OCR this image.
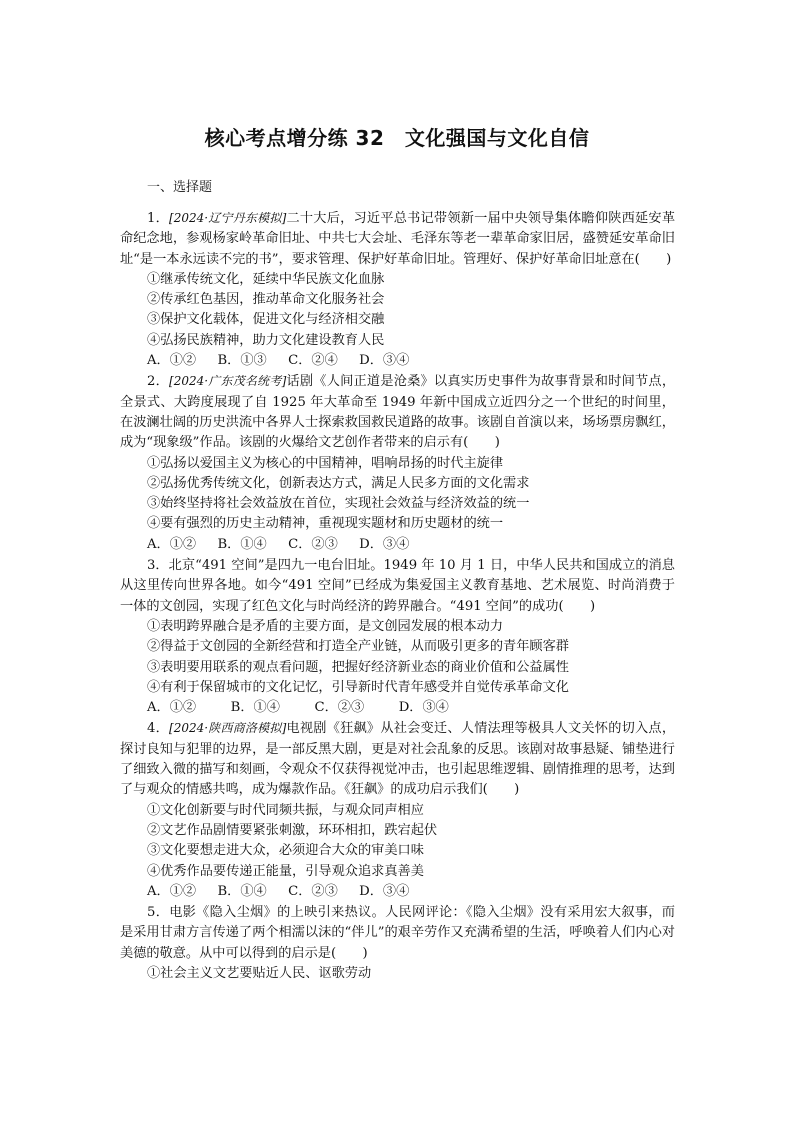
核心考点增分练 32　文化强国与文化自信
一、选择题
1．[2024·辽宁丹东模拟]二十大后，习近平总书记带领新一届中央领导集体瞻仰陕西延安革命纪念地，参观杨家岭革命旧址、中共七大会址、毛泽东等老一辈革命家旧居，盛赞延安革命旧址“是一本永远读不完的书”，要求管理、保护好革命旧址。管理好、保护好革命旧址意在(　　)
①继承传统文化，延续中华民族文化血脉
②传承红色基因，推动革命文化服务社会
③保护文化载体，促进文化与经济相交融
④弘扬民族精神，助力文化建设教育人民
A．①②　 B．①③　 C．②④　 D．③④
2．[2024·广东茂名统考]话剧《人间正道是沧桑》以真实历史事件为故事背景和时间节点，全景式、大跨度展现了自 1925 年大革命至 1949 年新中国成立近四分之一个世纪的时间里，在波澜壮阔的历史洪流中各界人士探索救国救民道路的故事。该剧自首演以来，场场票房飘红，成为“现象级”作品。该剧的火爆给文艺创作者带来的启示有(　　)
①弘扬以爱国主义为核心的中国精神，唱响昂扬的时代主旋律
②弘扬优秀传统文化，创新表达方式，满足人民多方面的文化需求
③始终坚持将社会效益放在首位，实现社会效益与经济效益的统一
④要有强烈的历史主动精神，重视现实题材和历史题材的统一
A．①②　 B．①④　 C．②③　 D．③④
3．北京“491 空间”是四九一电台旧址。1949 年 10 月 1 日，中华人民共和国成立的消息从这里传向世界各地。如今“491 空间”已经成为集爱国主义教育基地、艺术展览、时尚消费于一体的文创园，实现了红色文化与时尚经济的跨界融合。“491 空间”的成功(　　)
①表明跨界融合是矛盾的主要方面，是文创园发展的根本动力
②得益于文创园的全新经营和打造全产业链，从而吸引更多的青年顾客群
③表明要用联系的观点看问题，把握好经济新业态的商业价值和公益属性
④有利于保留城市的文化记忆，引导新时代青年感受并自觉传承革命文化
A．①②　　 B．①④　　 C．②③　　 D．③④
4．[2024·陕西商洛模拟]电视剧《狂飙》从社会变迁、人情法理等极具人文关怀的切入点，探讨良知与犯罪的边界，是一部反黑大剧，更是对社会乱象的反思。该剧对故事悬疑、铺垫进行了细致入微的描写和刻画，令观众不仅获得视觉冲击，也引起思维逻辑、剧情推理的思考，达到了与观众的情感共鸣，成为爆款作品。《狂飙》的成功启示我们(　　)
①文化创新要与时代同频共振，与观众同声相应
②文艺作品剧情要紧张刺激，环环相扣，跌宕起伏
③文化要想走进大众，必须迎合大众的审美口味
④优秀作品要传递正能量，引导观众追求真善美
A．①②　 B．①④　 C．②③　 D．③④
5．电影《隐入尘烟》的上映引来热议。人民网评论：《隐入尘烟》没有采用宏大叙事，而是采用甘肃方言传递了两个相濡以沫的“伴儿”的艰辛劳作又充满希望的生活，呼唤着人们内心对美德的敬意。从中可以得到的启示是(　　)
①社会主义文艺要贴近人民、讴歌劳动
